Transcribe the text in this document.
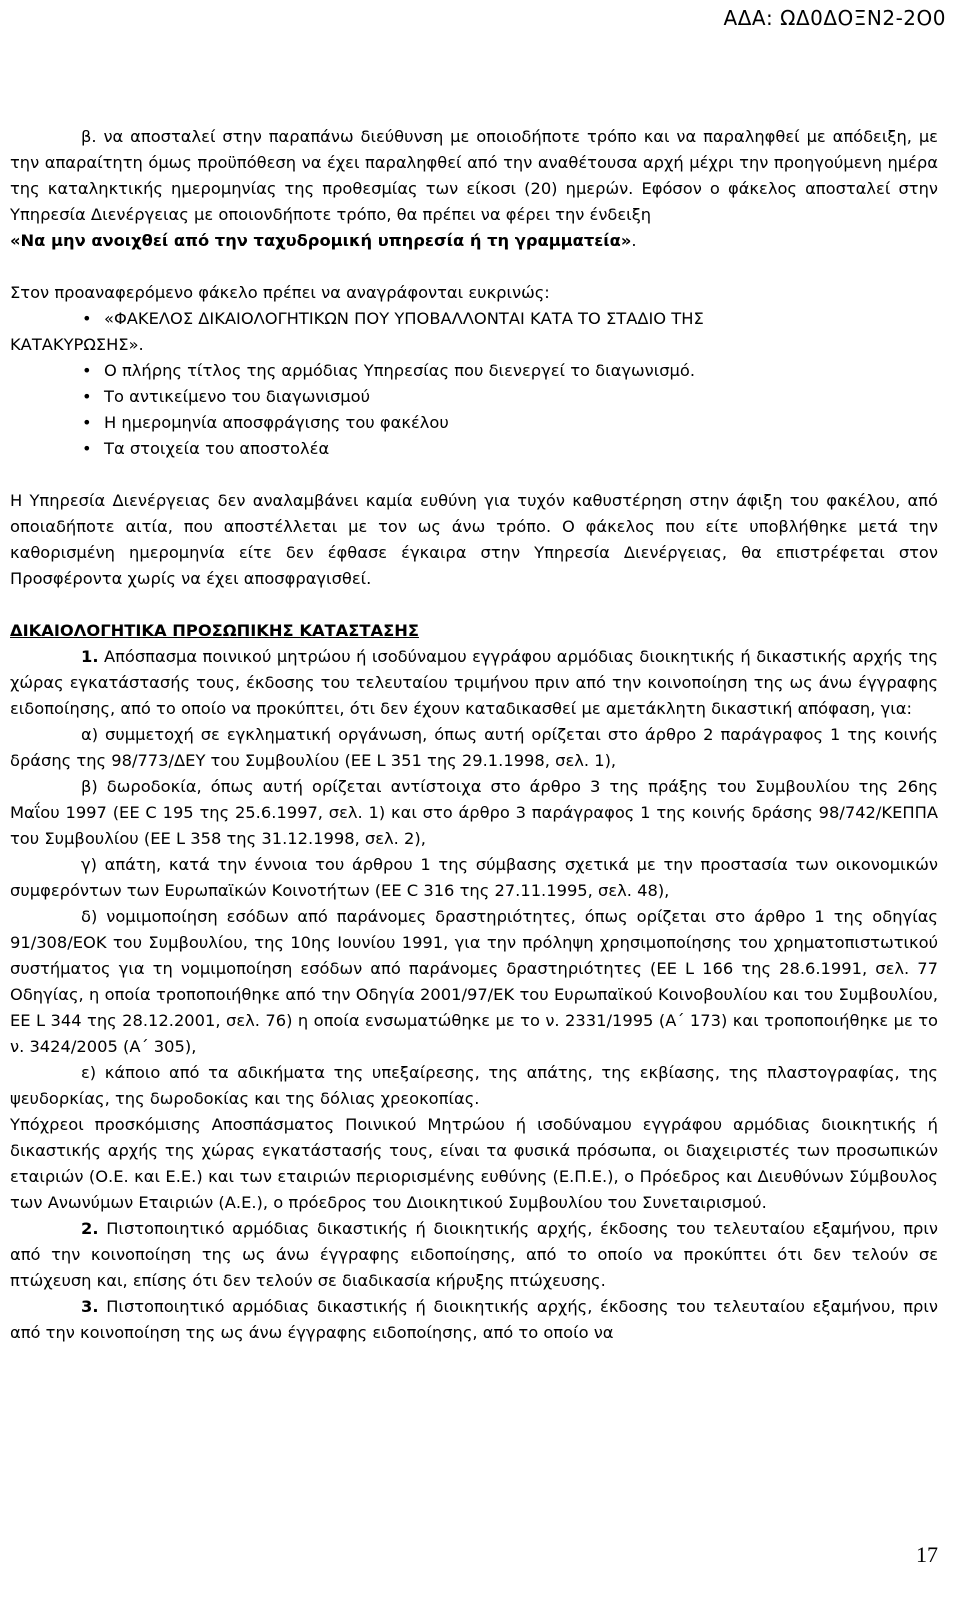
ΑΔΑ: ΩΔ0ΔΟΞΝ2-2Ο0

β. να αποσταλεί στην παραπάνω διεύθυνση με οποιοδήποτε τρόπο και να παραληφθεί με απόδειξη, με την απαραίτητη όμως προϋπόθεση να έχει παραληφθεί από την αναθέτουσα αρχή μέχρι την προηγούμενη ημέρα της καταληκτικής ημερομηνίας της προθεσμίας των είκοσι (20) ημερών. Εφόσον ο φάκελος αποσταλεί στην Υπηρεσία Διενέργειας με οποιονδήποτε τρόπο, θα πρέπει να φέρει την ένδειξη
«Να μην ανοιχθεί από την ταχυδρομική υπηρεσία ή τη γραμματεία».

Στον προαναφερόμενο φάκελο πρέπει να αναγράφονται ευκρινώς:

• «ΦΑΚΕΛΟΣ ΔΙΚΑΙΟΛΟΓΗΤΙΚΩΝ ΠΟΥ ΥΠΟΒΑΛΛΟΝΤΑΙ ΚΑΤΑ ΤΟ ΣΤΑΔΙΟ ΤΗΣ

ΚΑΤΑΚΥΡΩΣΗΣ».

• Ο πλήρης τίτλος της αρμόδιας Υπηρεσίας που διενεργεί το διαγωνισμό.

• Το αντικείμενο του διαγωνισμού

• Η ημερομηνία αποσφράγισης του φακέλου

• Τα στοιχεία του αποστολέα

Η Υπηρεσία Διενέργειας δεν αναλαμβάνει καμία ευθύνη για τυχόν καθυστέρηση στην άφιξη του φακέλου, από οποιαδήποτε αιτία, που αποστέλλεται με τον ως άνω τρόπο. Ο φάκελος που είτε υποβλήθηκε μετά την καθορισμένη ημερομηνία είτε δεν έφθασε έγκαιρα στην Υπηρεσία Διενέργειας, θα επιστρέφεται στον Προσφέροντα χωρίς να έχει αποσφραγισθεί.

ΔΙΚΑΙΟΛΟΓΗΤΙΚΑ ΠΡΟΣΩΠΙΚΗΣ ΚΑΤΑΣΤΑΣΗΣ

1. Απόσπασμα ποινικού μητρώου ή ισοδύναμου εγγράφου αρμόδιας διοικητικής ή δικαστικής αρχής της χώρας εγκατάστασής τους, έκδοσης του τελευταίου τριμήνου πριν από την κοινοποίηση της ως άνω έγγραφης ειδοποίησης, από το οποίο να προκύπτει, ότι δεν έχουν καταδικασθεί με αμετάκλητη δικαστική απόφαση, για:

α) συμμετοχή σε εγκληματική οργάνωση, όπως αυτή ορίζεται στο άρθρο 2 παράγραφος 1 της κοινής δράσης της 98/773/ΔΕΥ του Συμβουλίου (ΕΕ L 351 της 29.1.1998, σελ. 1),

β) δωροδοκία, όπως αυτή ορίζεται αντίστοιχα στο άρθρο 3 της πράξης του Συμβουλίου της 26ης Μαΐου 1997 (ΕΕ C 195 της 25.6.1997, σελ. 1) και στο άρθρο 3 παράγραφος 1 της κοινής δράσης 98/742/ΚΕΠΠΑ του Συμβουλίου (ΕΕ L 358 της 31.12.1998, σελ. 2),

γ) απάτη, κατά την έννοια του άρθρου 1 της σύμβασης σχετικά με την προστασία των οικονομικών συμφερόντων των Ευρωπαϊκών Κοινοτήτων (ΕΕ C 316 της 27.11.1995, σελ. 48),

δ) νομιμοποίηση εσόδων από παράνομες δραστηριότητες, όπως ορίζεται στο άρθρο 1 της οδηγίας 91/308/ΕΟΚ του Συμβουλίου, της 10ης Ιουνίου 1991, για την πρόληψη χρησιμοποίησης του χρηματοπιστωτικού συστήματος για τη νομιμοποίηση εσόδων από παράνομες δραστηριότητες (ΕΕ L 166 της 28.6.1991, σελ. 77 Οδηγίας, η οποία τροποποιήθηκε από την Οδηγία 2001/97/ΕΚ του Ευρωπαϊκού Κοινοβουλίου και του Συμβουλίου, ΕΕ L 344 της 28.12.2001, σελ. 76) η οποία ενσωματώθηκε με το ν. 2331/1995 (Α΄ 173) και τροποποιήθηκε με το ν. 3424/2005 (Α΄ 305),

ε) κάποιο από τα αδικήματα της υπεξαίρεσης, της απάτης, της εκβίασης, της πλαστογραφίας, της ψευδορκίας, της δωροδοκίας και της δόλιας χρεοκοπίας.

Υπόχρεοι προσκόμισης Αποσπάσματος Ποινικού Μητρώου ή ισοδύναμου εγγράφου αρμόδιας διοικητικής ή δικαστικής αρχής της χώρας εγκατάστασής τους, είναι τα φυσικά πρόσωπα, οι διαχειριστές των προσωπικών εταιριών (Ο.Ε. και Ε.Ε.) και των εταιριών περιορισμένης ευθύνης (Ε.Π.Ε.), ο Πρόεδρος και Διευθύνων Σύμβουλος των Ανωνύμων Εταιριών (Α.Ε.), ο πρόεδρος του Διοικητικού Συμβουλίου του Συνεταιρισμού.

2. Πιστοποιητικό αρμόδιας δικαστικής ή διοικητικής αρχής, έκδοσης του τελευταίου εξαμήνου, πριν από την κοινοποίηση της ως άνω έγγραφης ειδοποίησης, από το οποίο να προκύπτει ότι δεν τελούν σε πτώχευση και, επίσης ότι δεν τελούν σε διαδικασία κήρυξης πτώχευσης.

3. Πιστοποιητικό αρμόδιας δικαστικής ή διοικητικής αρχής, έκδοσης του τελευταίου εξαμήνου, πριν από την κοινοποίηση της ως άνω έγγραφης ειδοποίησης, από το οποίο να

17
